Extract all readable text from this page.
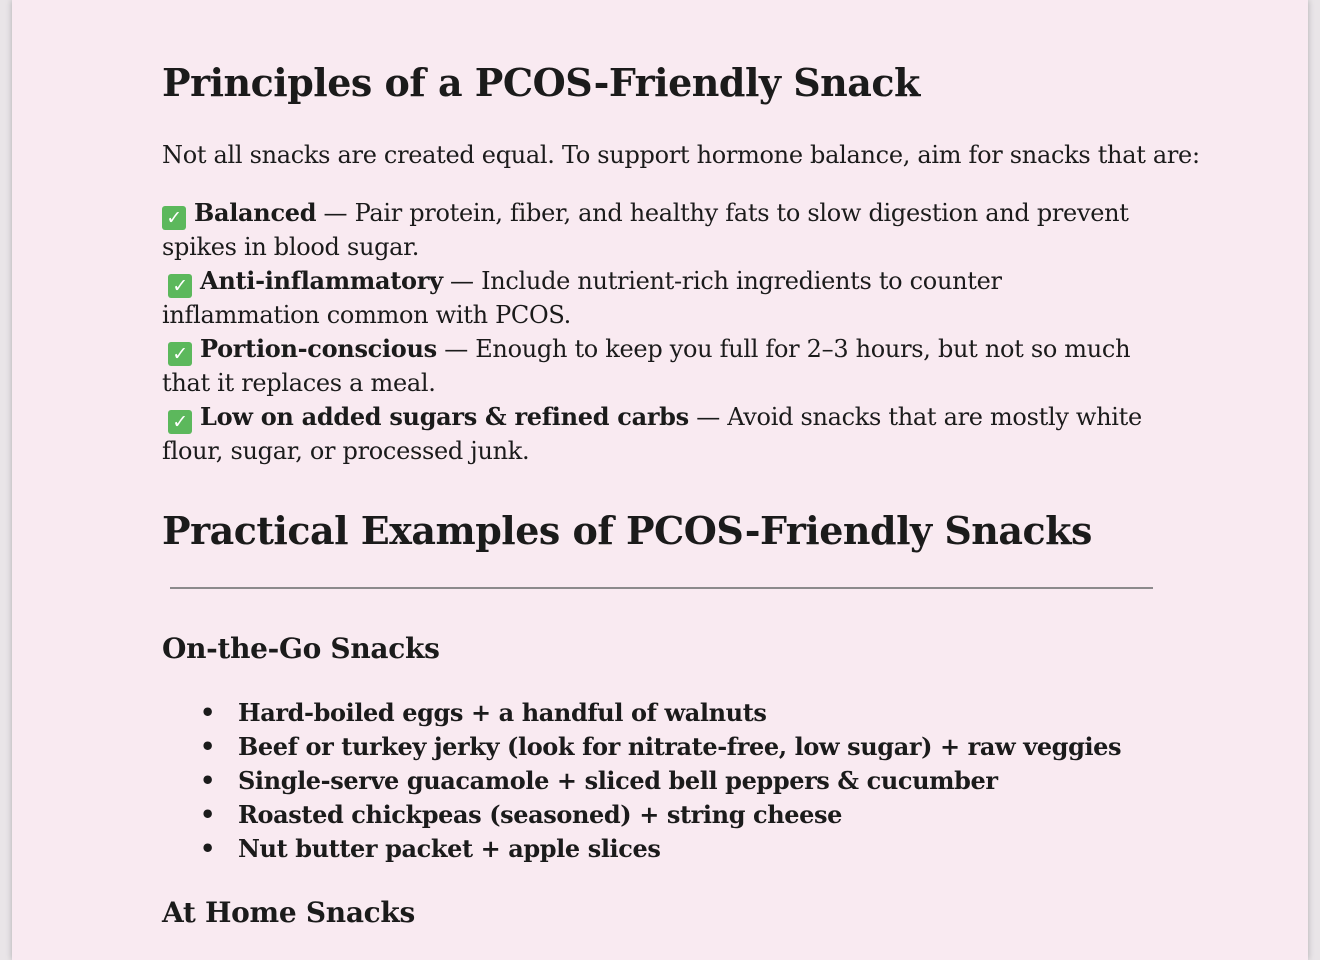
Principles of a PCOS-Friendly Snack

Not all snacks are created equal. To support hormone balance, aim for snacks that are:

✓ Balanced — Pair protein, fiber, and healthy fats to slow digestion and prevent spikes in blood sugar.
✓ Anti-inflammatory — Include nutrient-rich ingredients to counter inflammation common with PCOS.
✓ Portion-conscious — Enough to keep you full for 2–3 hours, but not so much that it replaces a meal.
✓ Low on added sugars & refined carbs — Avoid snacks that are mostly white flour, sugar, or processed junk.
Practical Examples of PCOS-Friendly Snacks
On-the-Go Snacks
• Hard-boiled eggs + a handful of walnuts
• Beef or turkey jerky (look for nitrate-free, low sugar) + raw veggies
• Single-serve guacamole + sliced bell peppers & cucumber
• Roasted chickpeas (seasoned) + string cheese
• Nut butter packet + apple slices
At Home Snacks
